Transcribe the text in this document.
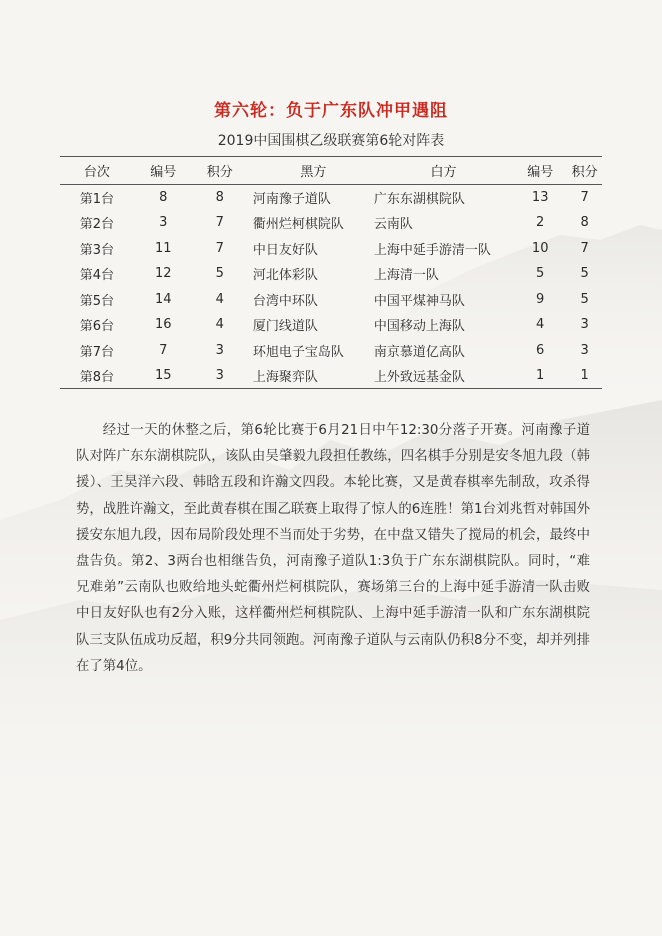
第六轮：负于广东队冲甲遇阻
2019中国围棋乙级联赛第6轮对阵表
台次	编号	积分	黑方	白方	编号	积分
第1台	8	8	河南豫子道队	广东东湖棋院队	13	7
第2台	3	7	衢州烂柯棋院队	云南队	2	8
第3台	11	7	中日友好队	上海中延手游清一队	10	7
第4台	12	5	河北体彩队	上海清一队	5	5
第5台	14	4	台湾中环队	中国平煤神马队	9	5
第6台	16	4	厦门线道队	中国移动上海队	4	3
第7台	7	3	环旭电子宝岛队	南京慕道亿高队	6	3
第8台	15	3	上海聚弈队	上外致远基金队	1	1

经过一天的休整之后，第6轮比赛于6月21日中午12:30分落子开赛。河南豫子道队对阵广东东湖棋院队，该队由吴肇毅九段担任教练，四名棋手分别是安冬旭九段（韩援）、王昊洋六段、韩晗五段和许瀚文四段。本轮比赛，又是黄春棋率先制敌，攻杀得势，战胜许瀚文，至此黄春棋在围乙联赛上取得了惊人的6连胜！第1台刘兆哲对韩国外援安东旭九段，因布局阶段处理不当而处于劣势，在中盘又错失了搅局的机会，最终中盘告负。第2、3两台也相继告负，河南豫子道队1:3负于广东东湖棋院队。同时，“难兄难弟”云南队也败给地头蛇衢州烂柯棋院队，赛场第三台的上海中延手游清一队击败中日友好队也有2分入账，这样衢州烂柯棋院队、上海中延手游清一队和广东东湖棋院队三支队伍成功反超，积9分共同领跑。河南豫子道队与云南队仍积8分不变，却并列排在了第4位。
